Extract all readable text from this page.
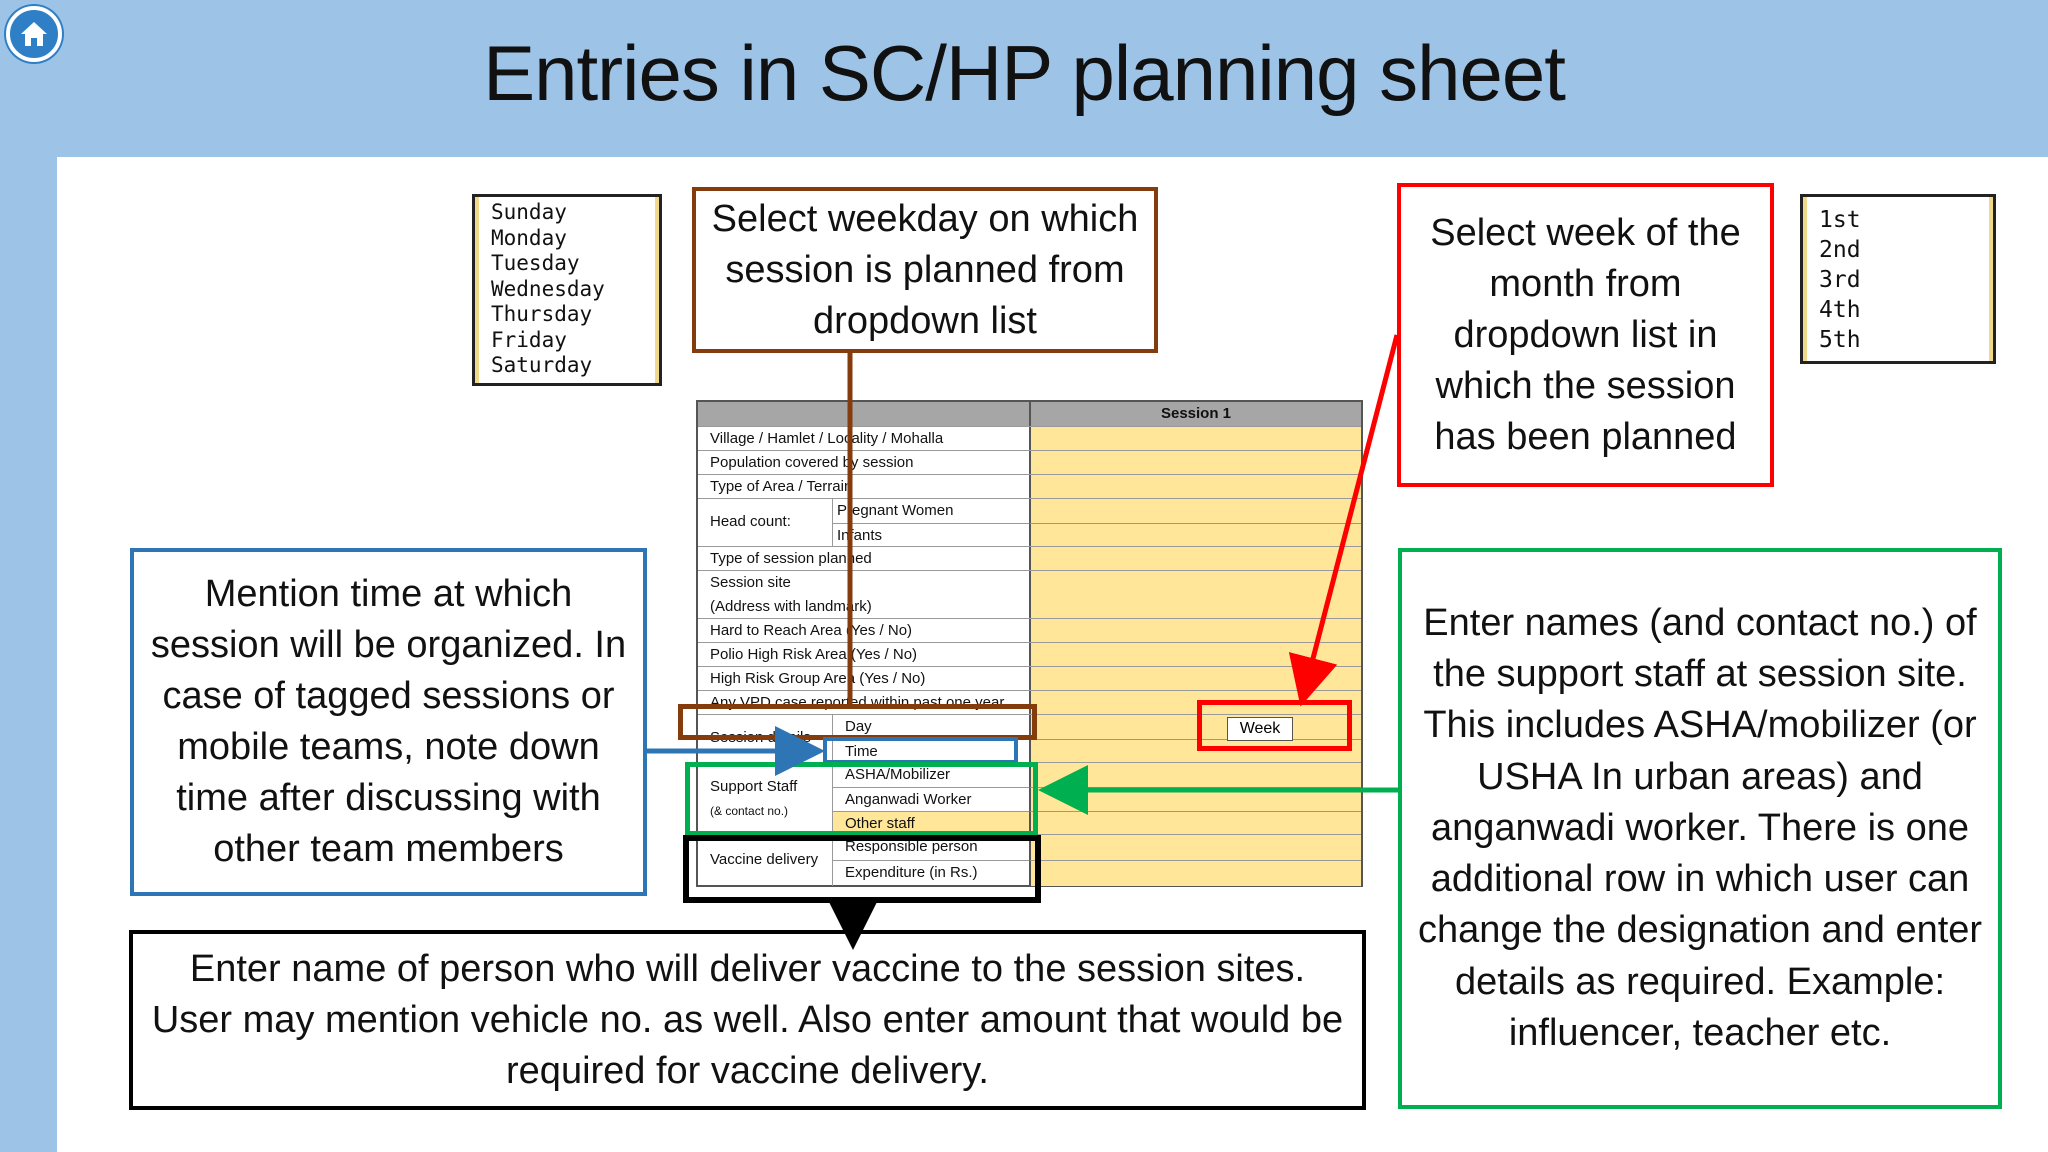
Entries in SC/HP planning sheet
Sunday
Monday
Tuesday
Wednesday
Thursday
Friday
Saturday
1st
2nd
3rd
4th
5th
Select weekday on which session is planned from dropdown list
Select week of the month from dropdown list in which the session has been planned
Mention time at which session will be organized. In case of tagged sessions or mobile teams, note down time after discussing with other team members
Enter names (and contact no.) of the support staff at session site. This includes ASHA/mobilizer (or USHA In urban areas) and anganwadi worker. There is one additional row in which user can change the designation and enter details as required. Example: influencer, teacher etc.
Enter name of person who will deliver vaccine to the session sites. User may mention vehicle no. as well. Also enter amount that would be required for vaccine delivery.
Session 1
Village / Hamlet / Locality / Mohalla
Population covered by session
Type of Area / Terrain
Head count:
Pregnant Women
Infants
Type of session planned
Session site
(Address with landmark)
Hard to Reach Area (Yes / No)
Polio High Risk Area (Yes / No)
High Risk Group Area (Yes / No)
Any VPD case reported within past one year
Session details
Day
Time
Support Staff
(& contact no.)
ASHA/Mobilizer
Anganwadi Worker
Other staff
Vaccine delivery
Responsible person
Expenditure (in Rs.)
Week
